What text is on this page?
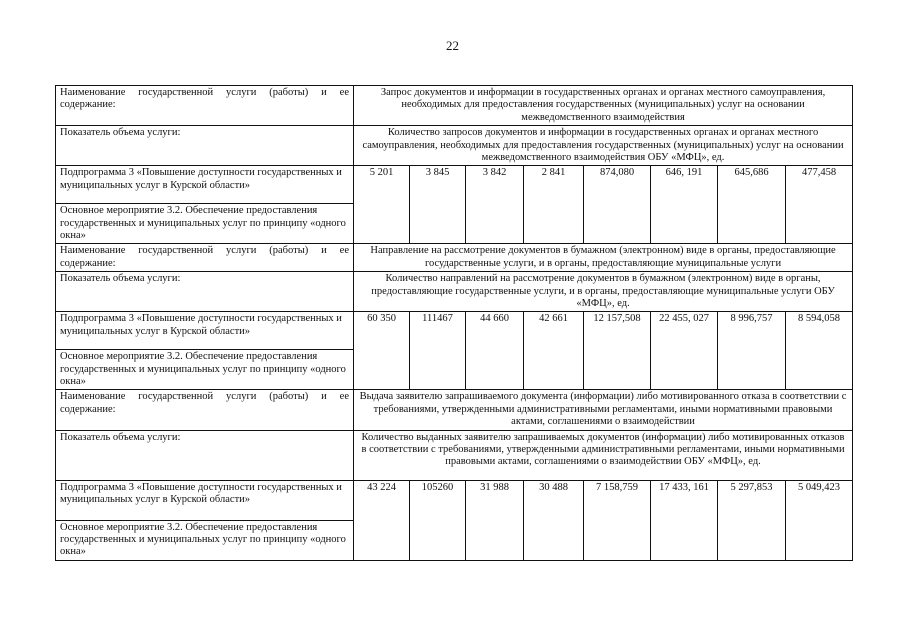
22
Наименование государственной услуги (работы) и ее содержание:	Запрос документов и информации в государственных органах и органах местного самоуправления, необходимых для предоставления государственных (муниципальных) услуг на основании межведомственного взаимодействия							
Показатель объема услуги:	Количество запросов документов и информации в государственных органах и органах местного самоуправления, необходимых для предоставления государственных (муниципальных) услуг на основании межведомственного взаимодействия ОБУ «МФЦ», ед.							
Подпрограмма 3 «Повышение доступности государственных и муниципальных услуг в Курской области»	5 201	3 845	3 842	2 841	874,080	646, 191	645,686	477,458
Основное мероприятие 3.2. Обеспечение предоставления государственных и муниципальных услуг по принципу «одного окна»								
Наименование государственной услуги (работы) и ее содержание:	Направление на рассмотрение документов в бумажном (электронном) виде в органы, предоставляющие государственные услуги, и в органы, предоставляющие муниципальные услуги							
Показатель объема услуги:	Количество направлений на рассмотрение документов в бумажном (электронном) виде в органы, предоставляющие государственные услуги, и в органы, предоставляющие муниципальные услуги ОБУ «МФЦ», ед.							
Подпрограмма 3 «Повышение доступности государственных и муниципальных услуг в Курской области»	60 350	111467	44 660	42 661	12 157,508	22 455, 027	8 996,757	8 594,058
Основное мероприятие 3.2. Обеспечение предоставления государственных и муниципальных услуг по принципу «одного окна»								
Наименование государственной услуги (работы) и ее содержание:	Выдача заявителю запрашиваемого документа (информации) либо мотивированного отказа в соответствии с требованиями, утвержденными административными регламентами, иными нормативными правовыми актами, соглашениями о взаимодействии							
Показатель объема услуги:	Количество выданных заявителю запрашиваемых документов (информации) либо мотивированных отказов в соответствии с требованиями, утвержденными административными регламентами, иными нормативными правовыми актами, соглашениями о взаимодействии ОБУ «МФЦ», ед.							
Подпрограмма 3 «Повышение доступности государственных и муниципальных услуг в Курской области»	43 224	105260	31 988	30 488	7 158,759	17 433, 161	5 297,853	5 049,423
Основное мероприятие 3.2. Обеспечение предоставления государственных и муниципальных услуг по принципу «одного окна»								
